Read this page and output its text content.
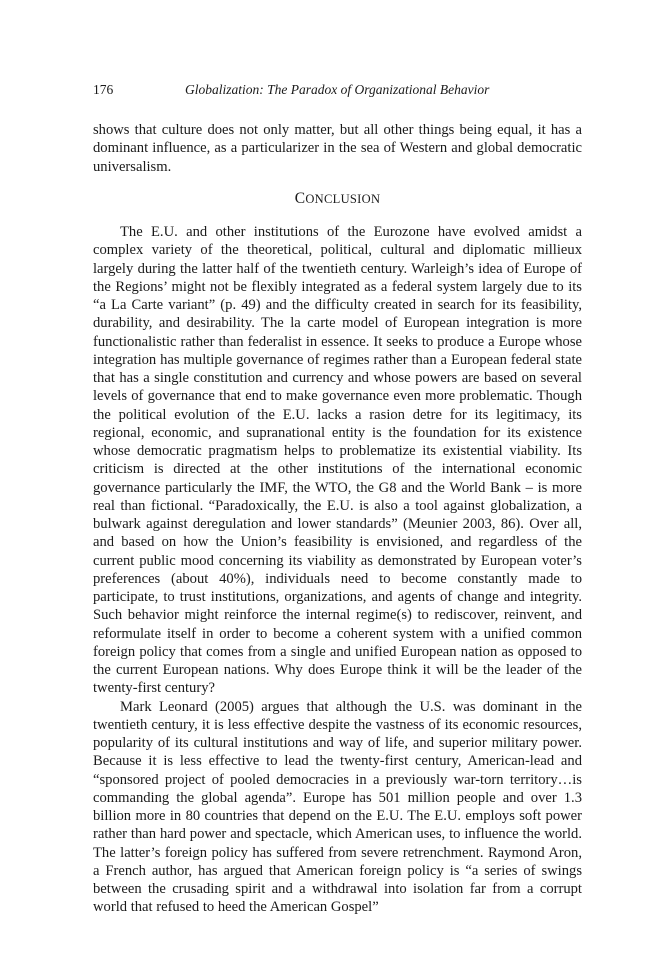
176	Globalization: The Paradox of Organizational Behavior

shows that culture does not only matter, but all other things being equal, it has a dominant influence, as a particularizer in the sea of Western and global democratic universalism.

CONCLUSION

The E.U. and other institutions of the Eurozone have evolved amidst a complex variety of the theoretical, political, cultural and diplomatic millieux largely during the latter half of the twentieth century. Warleigh’s idea of Europe of the Regions’ might not be flexibly integrated as a federal system largely due to its “a La Carte variant” (p. 49) and the difficulty created in search for its feasibility, durability, and desirability. The la carte model of European integration is more functionalistic rather than federalist in essence. It seeks to produce a Europe whose integration has multiple governance of regimes rather than a European federal state that has a single constitution and currency and whose powers are based on several levels of governance that end to make governance even more problematic. Though the political evolution of the E.U. lacks a rasion detre for its legitimacy, its regional, economic, and supranational entity is the foundation for its existence whose democratic pragmatism helps to problematize its existential viability. Its criticism is directed at the other institutions of the international economic governance particularly the IMF, the WTO, the G8 and the World Bank – is more real than fictional. “Paradoxically, the E.U. is also a tool against globalization, a bulwark against deregulation and lower standards” (Meunier 2003, 86). Over all, and based on how the Union’s feasibility is envisioned, and regardless of the current public mood concerning its viability as demonstrated by European voter’s preferences (about 40%), individuals need to become constantly made to participate, to trust institutions, organizations, and agents of change and integrity. Such behavior might reinforce the internal regime(s) to rediscover, reinvent, and reformulate itself in order to become a coherent system with a unified common foreign policy that comes from a single and unified European nation as opposed to the current European nations. Why does Europe think it will be the leader of the twenty-first century?

Mark Leonard (2005) argues that although the U.S. was dominant in the twentieth century, it is less effective despite the vastness of its economic resources, popularity of its cultural institutions and way of life, and superior military power. Because it is less effective to lead the twenty-first century, American-lead and “sponsored project of pooled democracies in a previously war-torn territory…is commanding the global agenda”. Europe has 501 million people and over 1.3 billion more in 80 countries that depend on the E.U. The E.U. employs soft power rather than hard power and spectacle, which American uses, to influence the world. The latter’s foreign policy has suffered from severe retrenchment. Raymond Aron, a French author, has argued that American foreign policy is “a series of swings between the crusading spirit and a withdrawal into isolation far from a corrupt world that refused to heed the American Gospel”
